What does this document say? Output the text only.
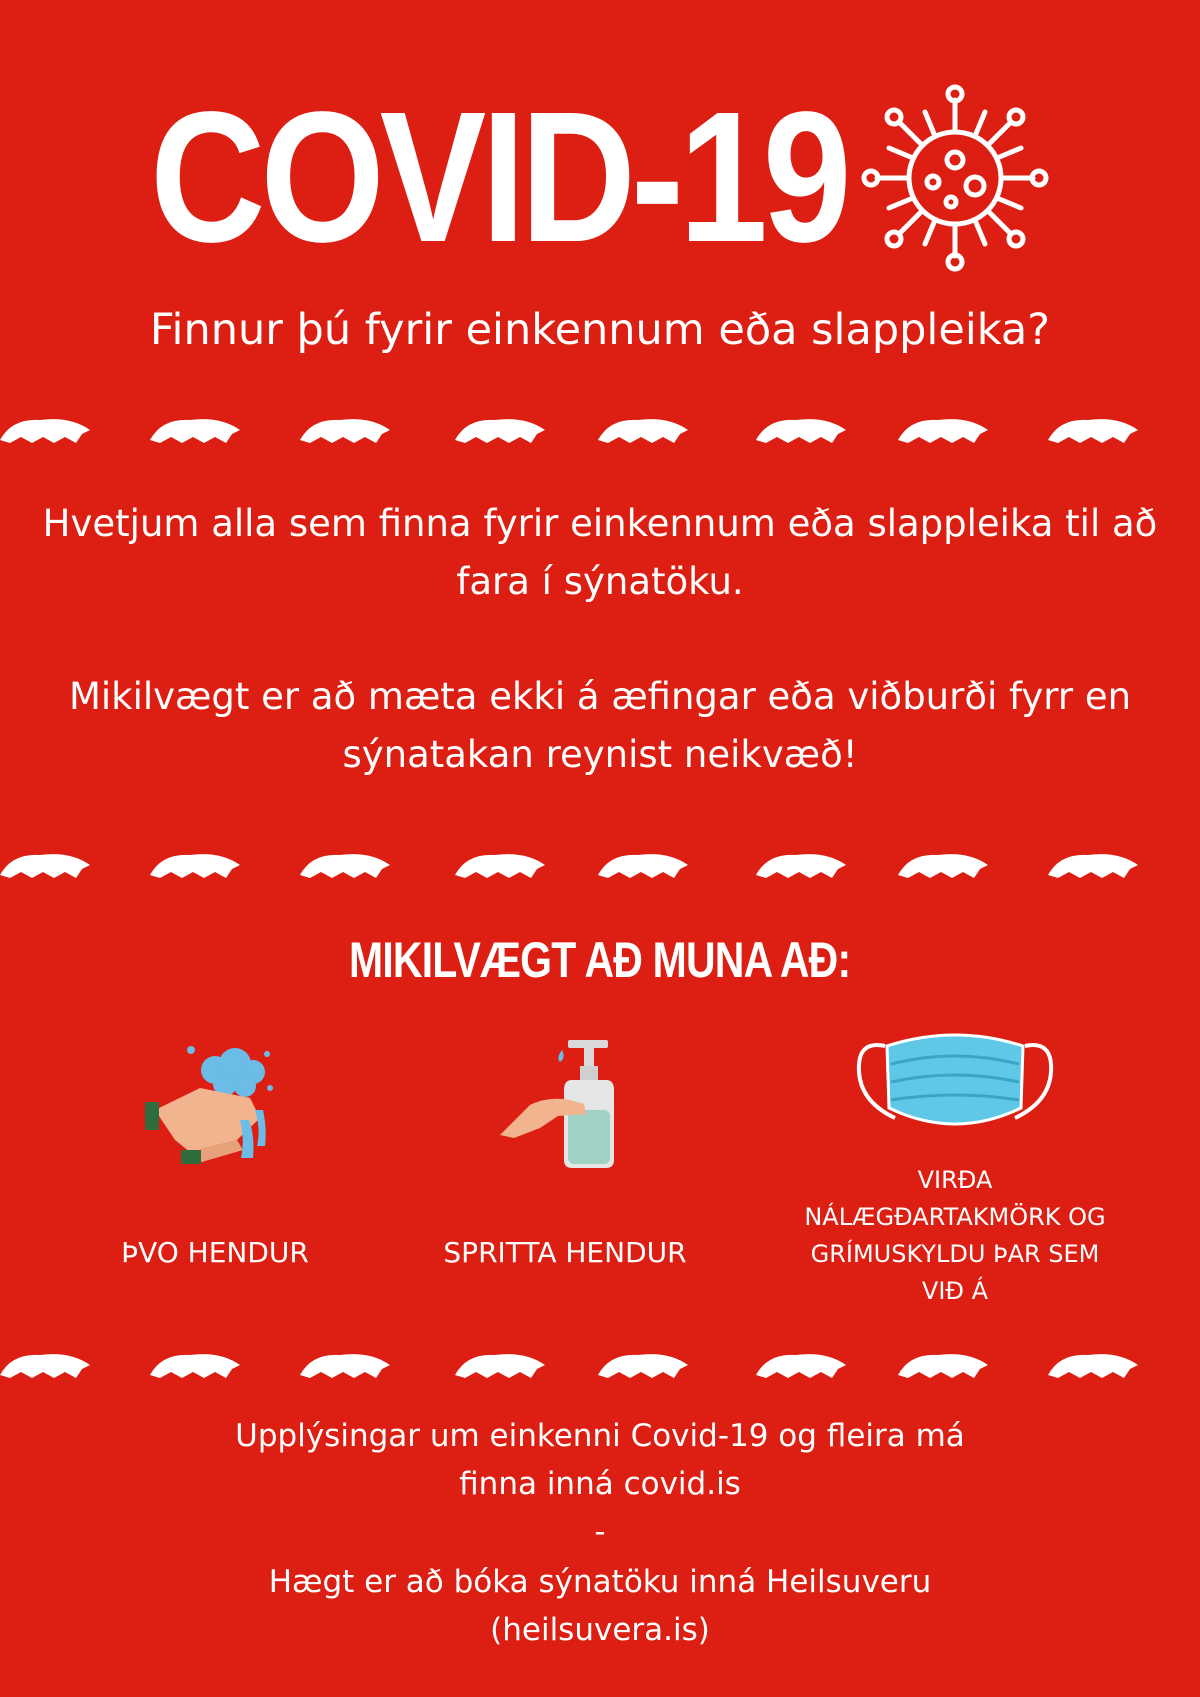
COVID-19
Finnur þú fyrir einkennum eða slappleika?
Hvetjum alla sem finna fyrir einkennum eða slappleika til að fara í sýnatöku.
Mikilvægt er að mæta ekki á æfingar eða viðburði fyrr en sýnatakan reynist neikvæð!
MIKILVÆGT AÐ MUNA AÐ:
ÞVO HENDUR	SPRITTA HENDUR
VIRÐA NÁLÆGÐARTAKMÖRK OG GRÍMUSKYLDU ÞAR SEM VIÐ Á
Upplýsingar um einkenni Covid-19 og fleira má
finna inná covid.is
-
Hægt er að bóka sýnatöku inná Heilsuveru
(heilsuvera.is)
